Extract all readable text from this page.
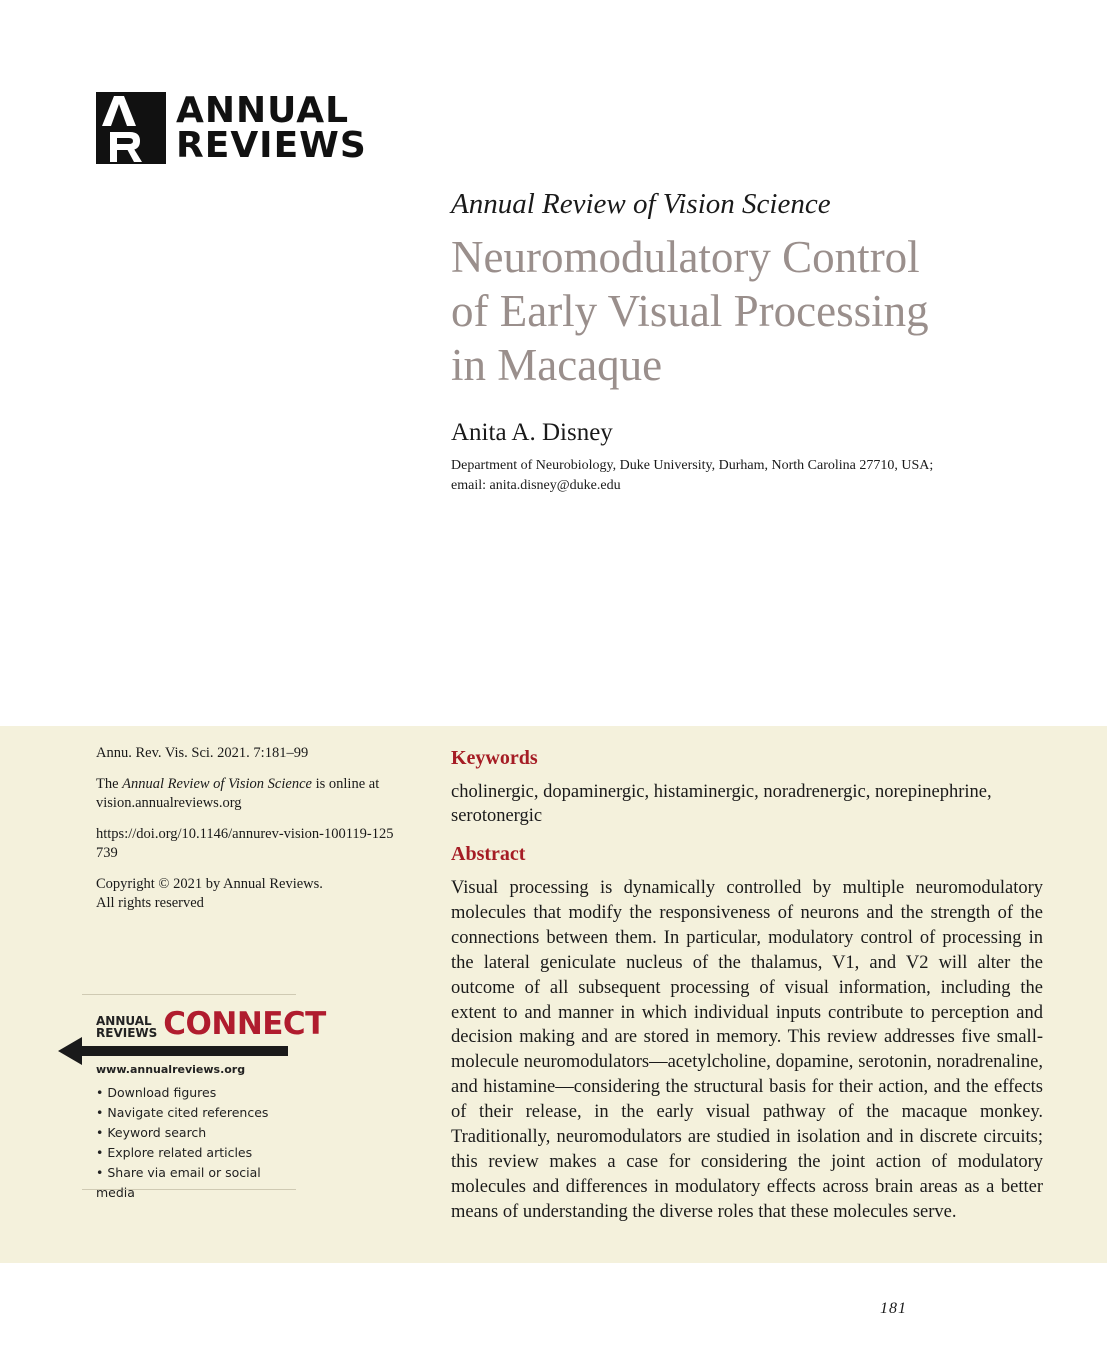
ANNUAL
REVIEWS

Annual Review of Vision Science

Neuromodulatory Control
of Early Visual Processing
in Macaque

Anita A. Disney

Department of Neurobiology, Duke University, Durham, North Carolina 27710, USA;
email: anita.disney@duke.edu

Annu. Rev. Vis. Sci. 2021. 7:181–99

The Annual Review of Vision Science is online at vision.annualreviews.org

https://doi.org/10.1146/annurev-vision-100119-125739

Copyright © 2021 by Annual Reviews.
All rights reserved

ANNUAL
REVIEWS CONNECT
www.annualreviews.org
• Download figures
• Navigate cited references
• Keyword search
• Explore related articles
• Share via email or social media
Keywords

cholinergic, dopaminergic, histaminergic, noradrenergic, norepinephrine, serotonergic

Abstract

Visual processing is dynamically controlled by multiple neuromodulatory molecules that modify the responsiveness of neurons and the strength of the connections between them. In particular, modulatory control of processing in the lateral geniculate nucleus of the thalamus, V1, and V2 will alter the outcome of all subsequent processing of visual information, including the extent to and manner in which individual inputs contribute to perception and decision making and are stored in memory. This review addresses five small-molecule neuromodulators—acetylcholine, dopamine, serotonin, noradrenaline, and histamine—considering the structural basis for their action, and the effects of their release, in the early visual pathway of the macaque monkey. Traditionally, neuromodulators are studied in isolation and in discrete circuits; this review makes a case for considering the joint action of modulatory molecules and differences in modulatory effects across brain areas as a better means of understanding the diverse roles that these molecules serve.

181
